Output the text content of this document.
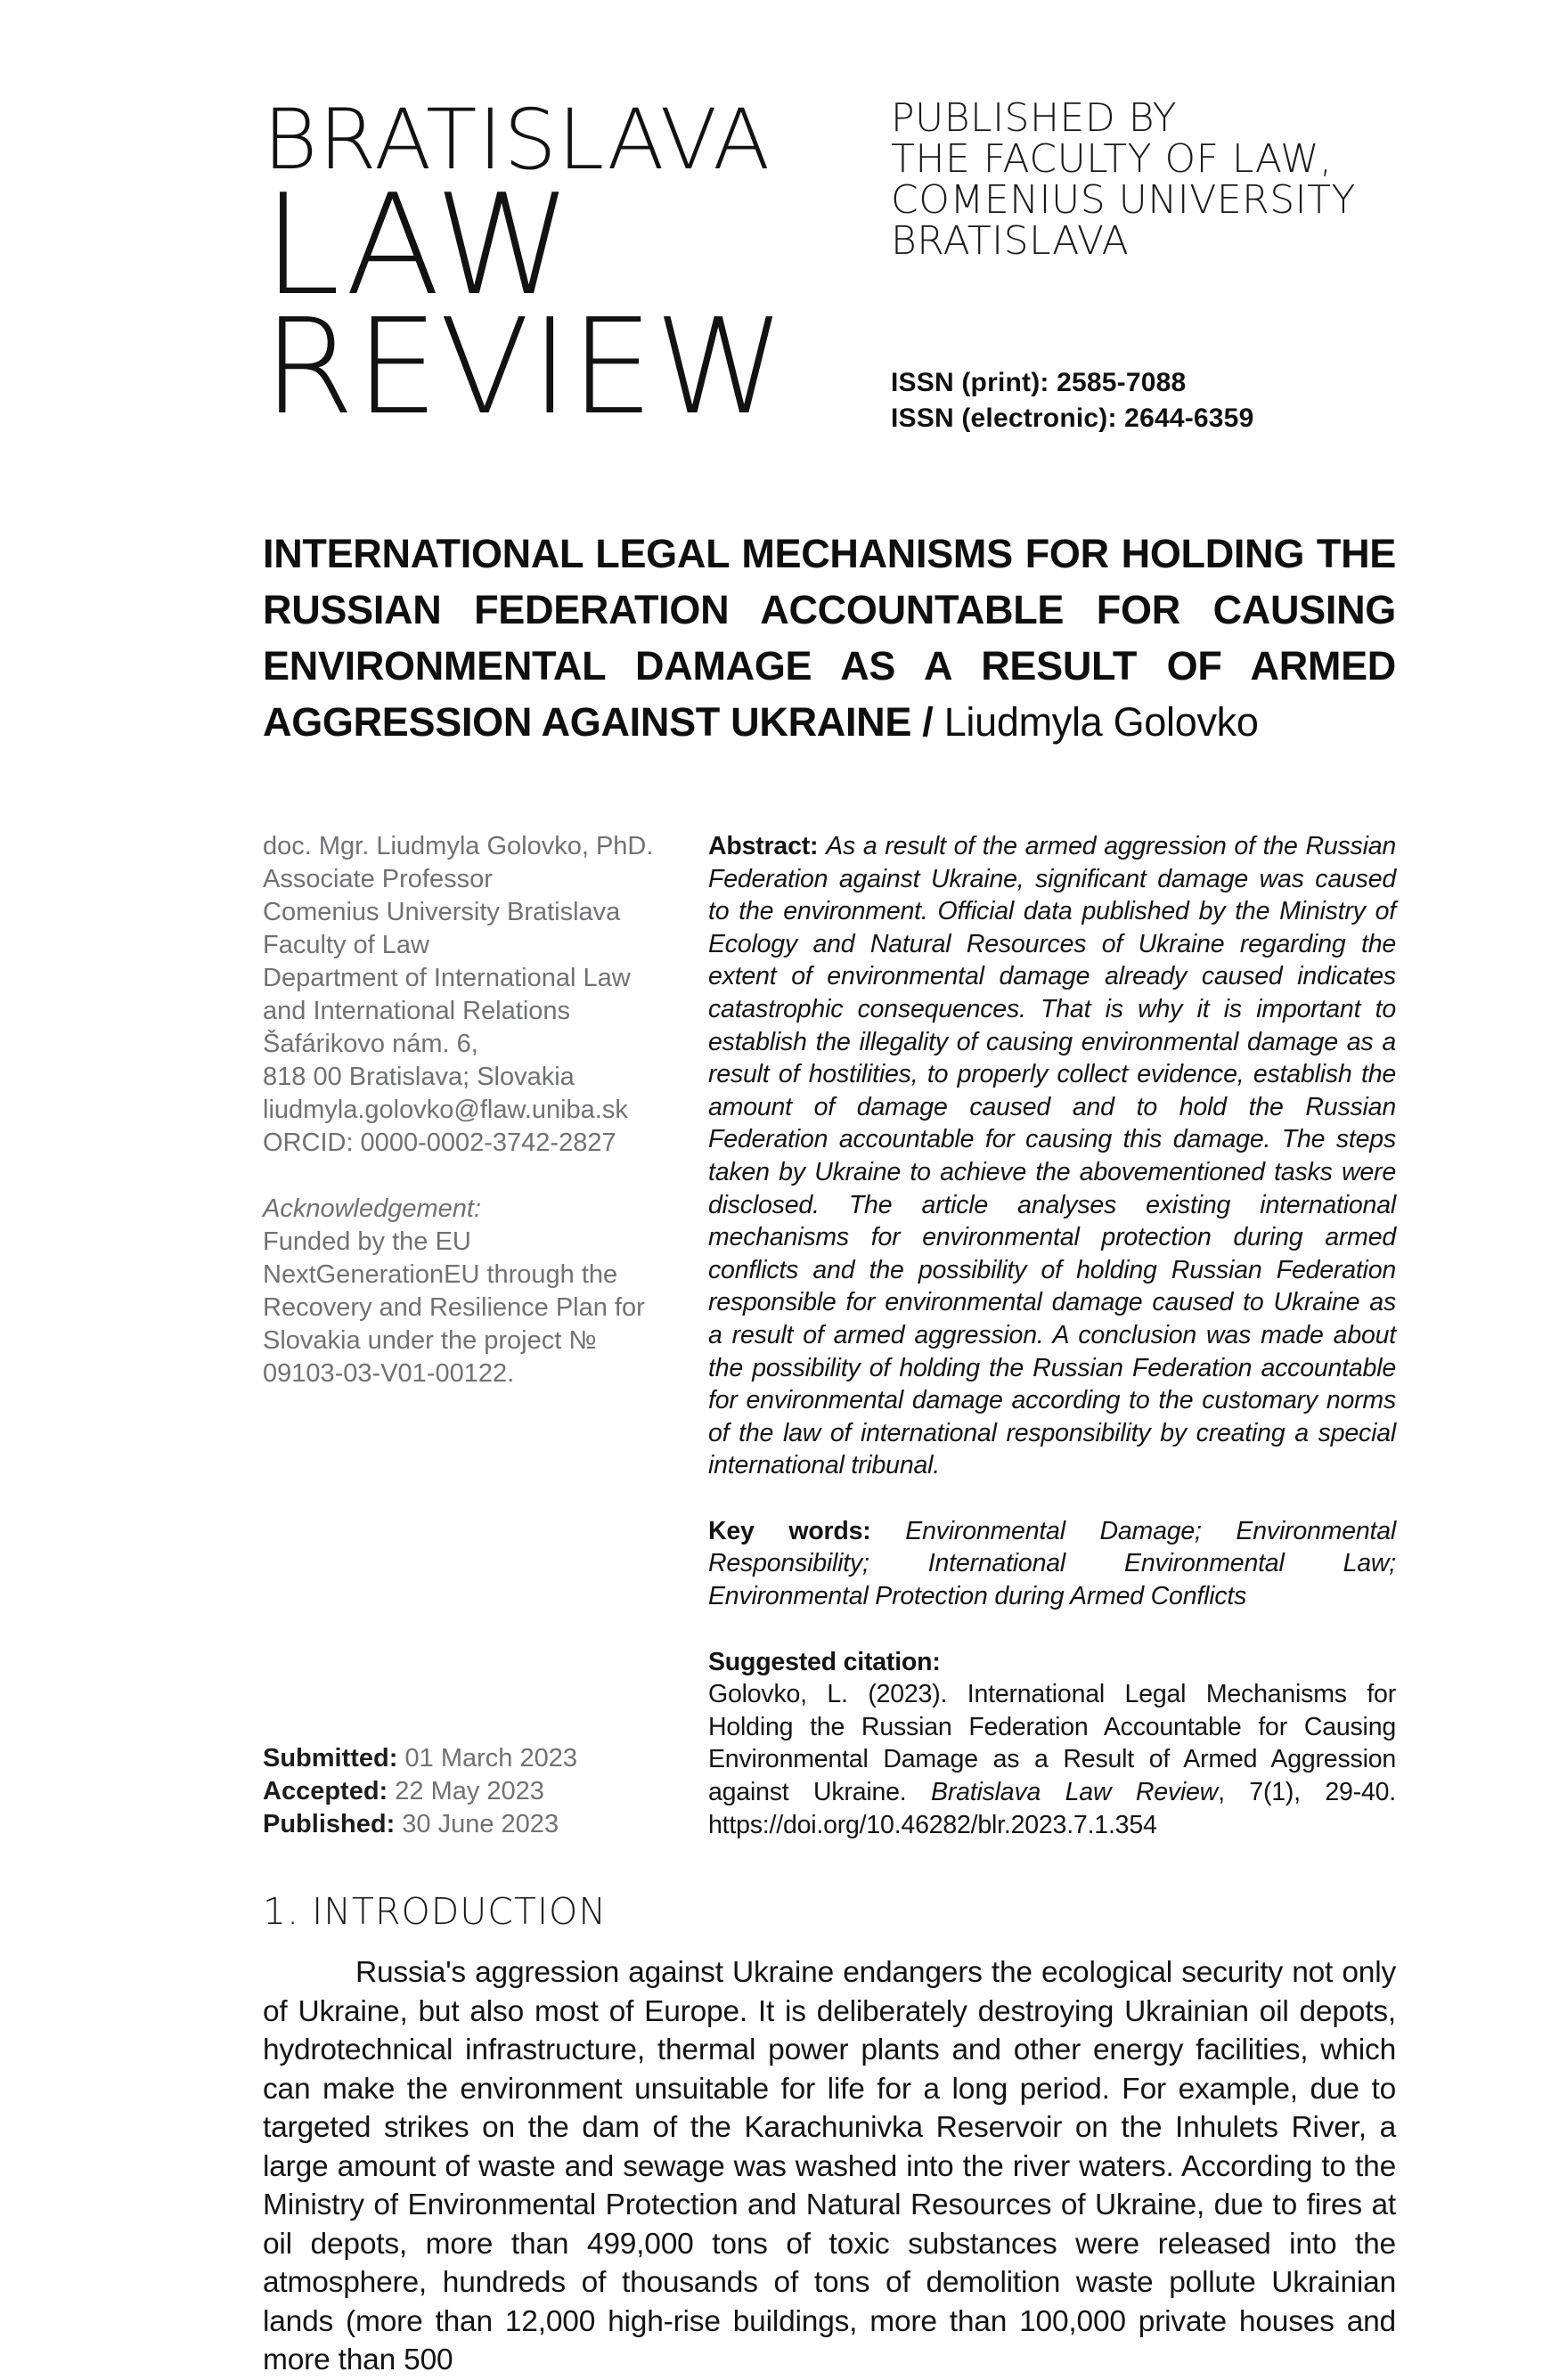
BRATISLAVA
LAW
REVIEW
PUBLISHED BY
THE FACULTY OF LAW,
COMENIUS UNIVERSITY
BRATISLAVA
ISSN (print): 2585-7088
ISSN (electronic): 2644-6359
INTERNATIONAL LEGAL MECHANISMS FOR HOLDING THE RUSSIAN FEDERATION ACCOUNTABLE FOR CAUSING ENVIRONMENTAL DAMAGE AS A RESULT OF ARMED AGGRESSION AGAINST UKRAINE / Liudmyla Golovko
doc. Mgr. Liudmyla Golovko, PhD.
Associate Professor
Comenius University Bratislava
Faculty of Law
Department of International Law
and International Relations
Šafárikovo nám. 6,
818 00 Bratislava; Slovakia
liudmyla.golovko@flaw.uniba.sk
ORCID: 0000-0002-3742-2827
Acknowledgement:
Funded by the EU NextGenerationEU through the Recovery and Resilience Plan for Slovakia under the project № 09103-03-V01-00122.
Submitted: 01 March 2023
Accepted: 22 May 2023
Published: 30 June 2023

Abstract: As a result of the armed aggression of the Russian Federation against Ukraine, significant damage was caused to the environment. Official data published by the Ministry of Ecology and Natural Resources of Ukraine regarding the extent of environmental damage already caused indicates catastrophic consequences. That is why it is important to establish the illegality of causing environmental damage as a result of hostilities, to properly collect evidence, establish the amount of damage caused and to hold the Russian Federation accountable for causing this damage. The steps taken by Ukraine to achieve the abovementioned tasks were disclosed. The article analyses existing international mechanisms for environmental protection during armed conflicts and the possibility of holding Russian Federation responsible for environmental damage caused to Ukraine as a result of armed aggression. A conclusion was made about the possibility of holding the Russian Federation accountable for environmental damage according to the customary norms of the law of international responsibility by creating a special international tribunal.

Key words: Environmental Damage; Environmental Responsibility; International Environmental Law; Environmental Protection during Armed Conflicts

Suggested citation:

Golovko, L. (2023). International Legal Mechanisms for Holding the Russian Federation Accountable for Causing Environmental Damage as a Result of Armed Aggression against Ukraine. Bratislava Law Review, 7(1), 29-40. https://doi.org/10.46282/blr.2023.7.1.354

1. INTRODUCTION

Russia's aggression against Ukraine endangers the ecological security not only of Ukraine, but also most of Europe. It is deliberately destroying Ukrainian oil depots, hydrotechnical infrastructure, thermal power plants and other energy facilities, which can make the environment unsuitable for life for a long period. For example, due to targeted strikes on the dam of the Karachunivka Reservoir on the Inhulets River, a large amount of waste and sewage was washed into the river waters. According to the Ministry of Environmental Protection and Natural Resources of Ukraine, due to fires at oil depots, more than 499,000 tons of toxic substances were released into the atmosphere, hundreds of thousands of tons of demolition waste pollute Ukrainian lands (more than 12,000 high-rise buildings, more than 100,000 private houses and more than 500
